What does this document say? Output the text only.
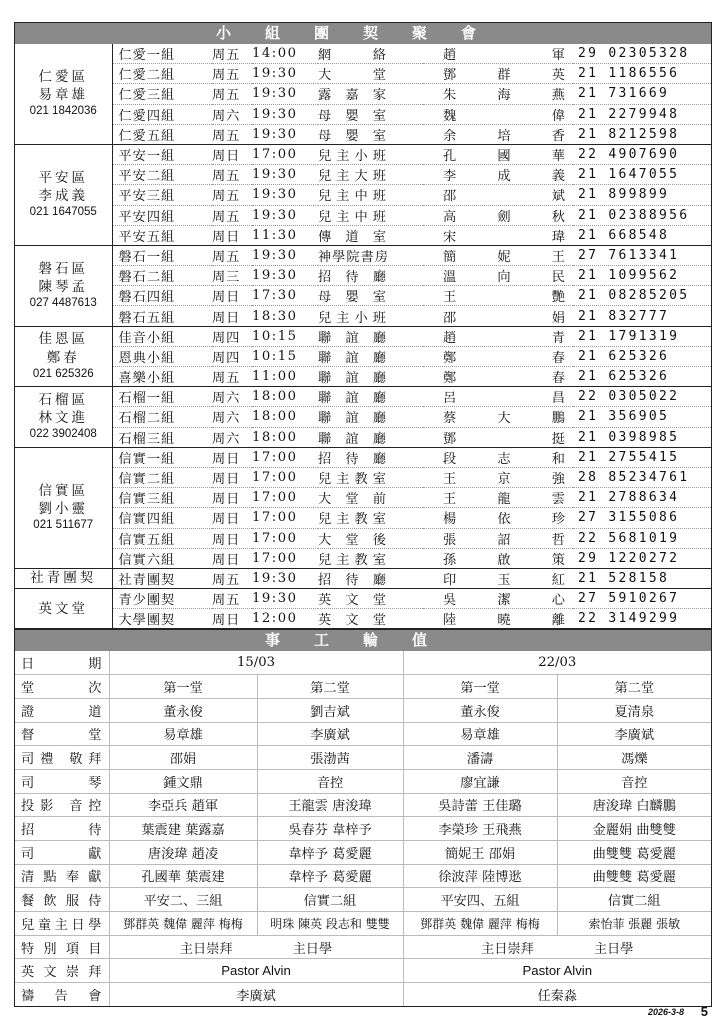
小組團契聚會
仁愛區
易章雄
021 1842036	仁愛一組	周五	14:00	網絡	趙軍	29 02305328
	仁愛二組	周五	19:30	大堂	鄧群英	21 1186556
	仁愛三組	周五	19:30	露嘉家	朱海燕	21 731669
	仁愛四組	周六	19:30	母嬰室	魏偉	21 2279948
	仁愛五組	周五	19:30	母嬰室	余培香	21 8212598

平安區
李成義
021 1647055	平安一組	周日	17:00	兒主小班	孔國華	22 4907690
	平安二組	周五	19:30	兒主大班	李成義	21 1647055
	平安三組	周五	19:30	兒主中班	邵斌	21 899899
	平安四組	周五	19:30	兒主中班	高劍秋	21 02388956
	平安五組	周日	11:30	傳道室	宋瑋	21 668548

磐石區
陳琴孟
027 4487613	磐石一組	周五	19:30	神學院書房	簡妮王	27 7613341
	磐石二組	周三	19:30	招待廳	溫向民	21 1099562
	磐石四組	周日	17:30	母嬰室	王艷	21 08285205
	磐石五組	周日	18:30	兒主小班	邵娟	21 832777

佳恩區
鄭春
021 625326	佳音小組	周四	10:15	聯誼廳	趙青	21 1791319
	恩典小組	周四	10:15	聯誼廳	鄭春	21 625326
	喜樂小組	周五	11:00	聯誼廳	鄭春	21 625326

石榴區
林文進
022 3902408	石榴一組	周六	18:00	聯誼廳	呂昌	22 0305022
	石榴二組	周六	18:00	聯誼廳	蔡大鵬	21 356905
	石榴三組	周六	18:00	聯誼廳	鄧挺	21 0398985

信實區
劉小靈
021 511677	信實一組	周日	17:00	招待廳	段志和	21 2755415
	信實二組	周日	17:00	兒主教室	王京強	28 85234761
	信實三組	周日	17:00	大堂前	王龍雲	21 2788634
	信實四組	周日	17:00	兒主教室	楊依珍	27 3155086
	信實五組	周日	17:00	大堂後	張詔哲	22 5681019
	信實六組	周日	17:00	兒主教室	孫啟策	29 1220272

社青團契	社青團契	周五	19:30	招待廳	印玉紅	21 528158

英文堂	青少團契	周五	19:30	英文堂	吳潔心	27 5910267
	大學團契	周日	12:00	英文堂	陸曉離	22 3149299
事工輪值
日期	15/03		22/03	
堂次	第一堂	第二堂	第一堂	第二堂
證道	董永俊	劉吉斌	董永俊	夏清泉
督堂	易章雄	李廣斌	易章雄	李廣斌
司禮 敬拜	邵娟	張渤茜	潘濤	馮爍
司琴	鍾文鼎	音控	廖宜謙	音控
投影 音控	李亞兵 趙軍	王龍雲 唐浚瑋	吳詩蕾 王佳璐	唐浚瑋 白麟鵬
招待	葉震建 葉露嘉	吳春芬 韋梓予	李榮珍 王飛燕	金麗娟 曲雙雙
司獻	唐浚瑋 趙凌	韋梓予 葛愛麗	簡妮王 邵娟	曲雙雙 葛愛麗
清點奉獻	孔國華 葉震建	韋梓予 葛愛麗	徐波萍 陸博逖	曲雙雙 葛愛麗
餐飲服侍	平安二、三組	信實二組	平安四、五組	信實二組
兒童主日學	鄧群英 魏偉 麗萍 梅梅	明珠 陳英 段志和 雙雙	鄧群英 魏偉 麗萍 梅梅	索怡菲 張麗 張敏
特別項目	主日崇拜 主日學		主日崇拜 主日學	
英文崇拜	Pastor Alvin		Pastor Alvin	
禱告會	李廣斌		任秦淼	
2026-3-8 5
